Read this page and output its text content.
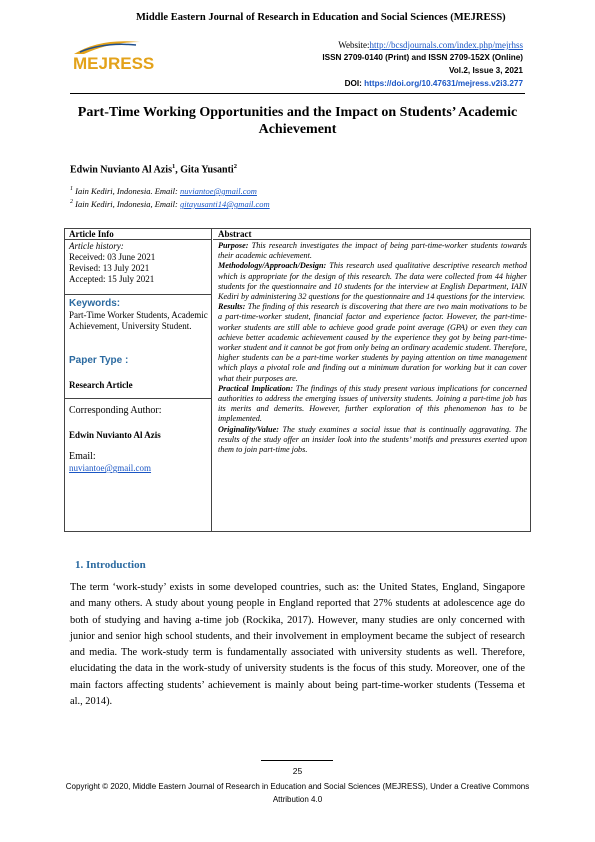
Middle Eastern Journal of Research in Education and Social Sciences (MEJRESS)
MEJRESS
Website:http://bcsdjournals.com/index.php/mejrhss
ISSN 2709-0140 (Print) and ISSN 2709-152X (Online)
Vol.2, Issue 3, 2021
DOI: https://doi.org/10.47631/mejress.v2i3.277
Part-Time Working Opportunities and the Impact on Students’ Academic Achievement
Edwin Nuvianto Al Azis$^1$, Gita Yusanti$^2$
$^1$ Iain Kediri, Indonesia. Email: nuviantoe@gmail.com
$^2$ Iain Kediri, Indonesia, Email: gitayusanti14@gmail.com
Article Info
Article history:
Received: 03 June 2021
Revised: 13 July 2021
Accepted: 15 July 2021
Keywords:
Part-Time Worker Students, Academic Achievement, University Student.
Paper Type :
Research Article
Corresponding Author:
Edwin Nuvianto Al Azis
Email:
nuviantoe@gmail.com
Abstract
Purpose: This research investigates the impact of being part-time-worker students towards their academic achievement.
Methodology/Approach/Design: This research used qualitative descriptive research method which is appropriate for the design of this research. The data were collected from 44 higher students for the questionnaire and 10 students for the interview at English Department, IAIN Kediri by administering 32 questions for the questionnaire and 14 questions for the interview.
Results: The finding of this research is discovering that there are two main motivations to be a part-time-worker student, financial factor and experience factor. However, the part-time-worker students are still able to achieve good grade point average (GPA) or even they can achieve better academic achievement caused by the experience they got by being part-time-worker student and it cannot be got from only being an ordinary academic student. Therefore, higher students can be a part-time worker students by paying attention on time management which plays a pivotal role and finding out a minimum duration for working but it can cover what their purposes are.
Practical Implication: The findings of this study present various implications for concerned authorities to address the emerging issues of university students. Joining a part-time job has its merits and demerits. However, further exploration of this phenomenon has to be implemented.
Originality/Value: The study examines a social issue that is continually aggravating. The results of the study offer an insider look into the students’ motifs and pressures exerted upon them to join part-time jobs.
1. Introduction
The term ‘work-study’ exists in some developed countries, such as: the United States, England, Singapore and many others. A study about young people in England reported that 27% students at adolescence age do both of studying and having a-time job (Rockika, 2017). However, many studies are only concerned with junior and senior high school students, and their involvement in employment became the subject of research and media. The work-study term is fundamentally associated with university students as well. Therefore, elucidating the data in the work-study of university students is the focus of this study. Moreover, one of the main factors affecting students’ achievement is mainly about being part-time-worker students (Tessema et al., 2014).
25
Copyright © 2020, Middle Eastern Journal of Research in Education and Social Sciences (MEJRESS), Under a Creative Commons Attribution 4.0
